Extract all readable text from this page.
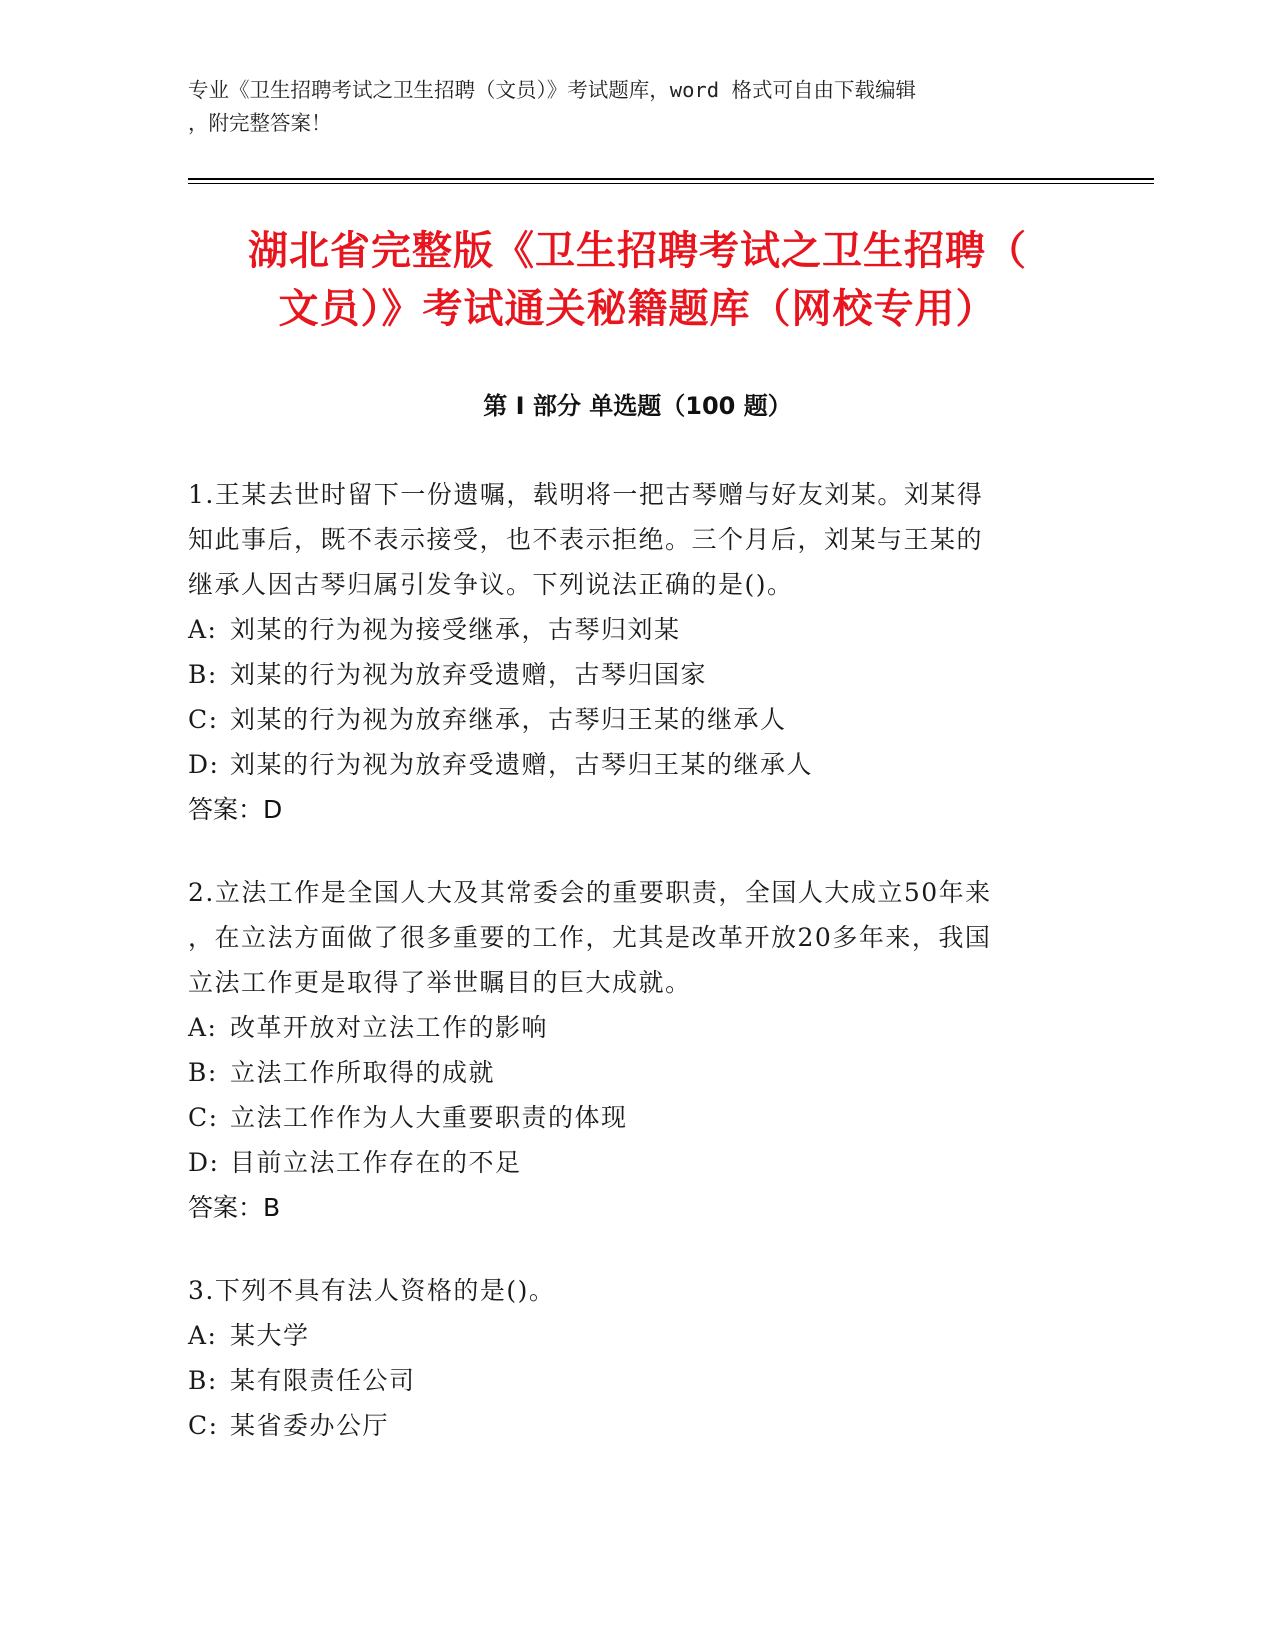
专业《卫生招聘考试之卫生招聘（文员）》考试题库，word 格式可自由下载编辑
，附完整答案！
湖北省完整版《卫生招聘考试之卫生招聘（
文员）》考试通关秘籍题库（网校专用）
第 I 部分 单选题（100 题）

1.王某去世时留下一份遗嘱，载明将一把古琴赠与好友刘某。刘某得

知此事后，既不表示接受，也不表示拒绝。三个月后，刘某与王某的

继承人因古琴归属引发争议。下列说法正确的是()。

A: 刘某的行为视为接受继承，古琴归刘某

B: 刘某的行为视为放弃受遗赠，古琴归国家

C: 刘某的行为视为放弃继承，古琴归王某的继承人

D: 刘某的行为视为放弃受遗赠，古琴归王某的继承人

答案：D

2.立法工作是全国人大及其常委会的重要职责，全国人大成立50年来

，在立法方面做了很多重要的工作，尤其是改革开放20多年来，我国

立法工作更是取得了举世瞩目的巨大成就。

A: 改革开放对立法工作的影响

B: 立法工作所取得的成就

C: 立法工作作为人大重要职责的体现

D: 目前立法工作存在的不足

答案：B

3.下列不具有法人资格的是()。

A: 某大学

B: 某有限责任公司

C: 某省委办公厅
